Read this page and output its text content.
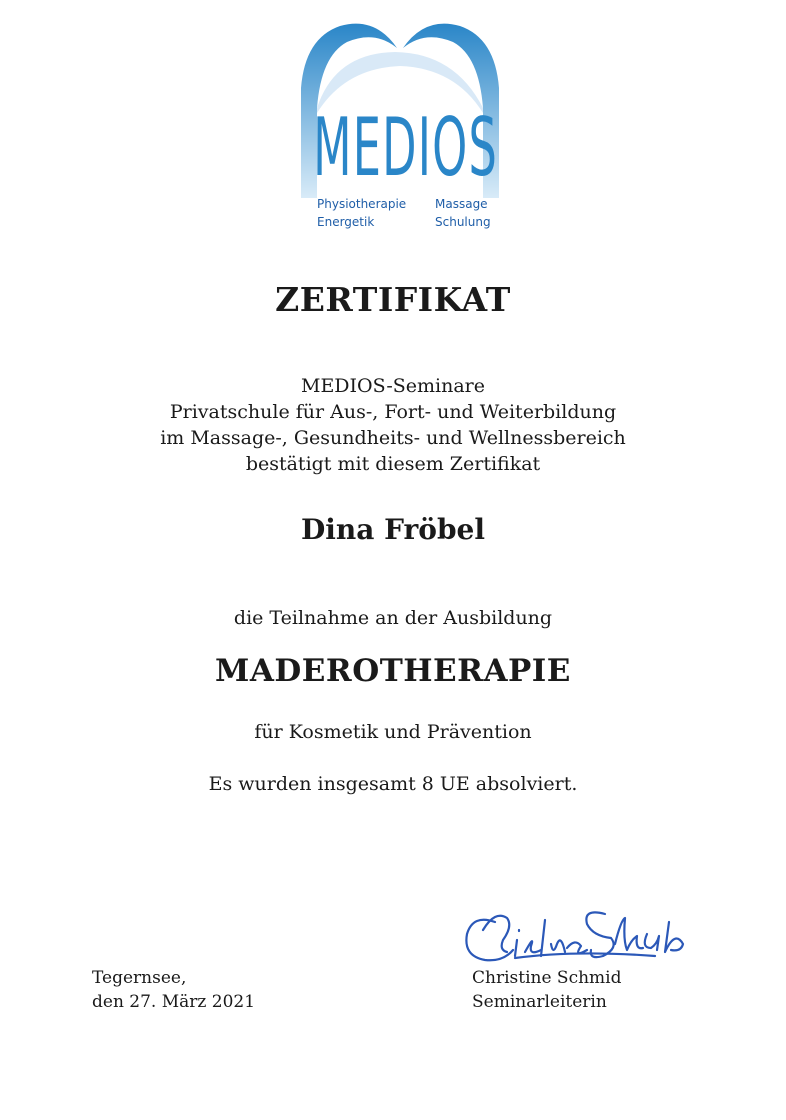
MEDIOS
Physiotherapie Massage
Energetik	Schulung
ZERTIFIKAT
MEDIOS-Seminare
Privatschule für Aus-, Fort- und Weiterbildung
im Massage-, Gesundheits- und Wellnessbereich
bestätigt mit diesem Zertifikat
Dina Fröbel
die Teilnahme an der Ausbildung
MADEROTHERAPIE
für Kosmetik und Prävention
Es wurden insgesamt 8 UE absolviert.
Tegernsee,
den 27. März 2021
Christine Schmid
Seminarleiterin
